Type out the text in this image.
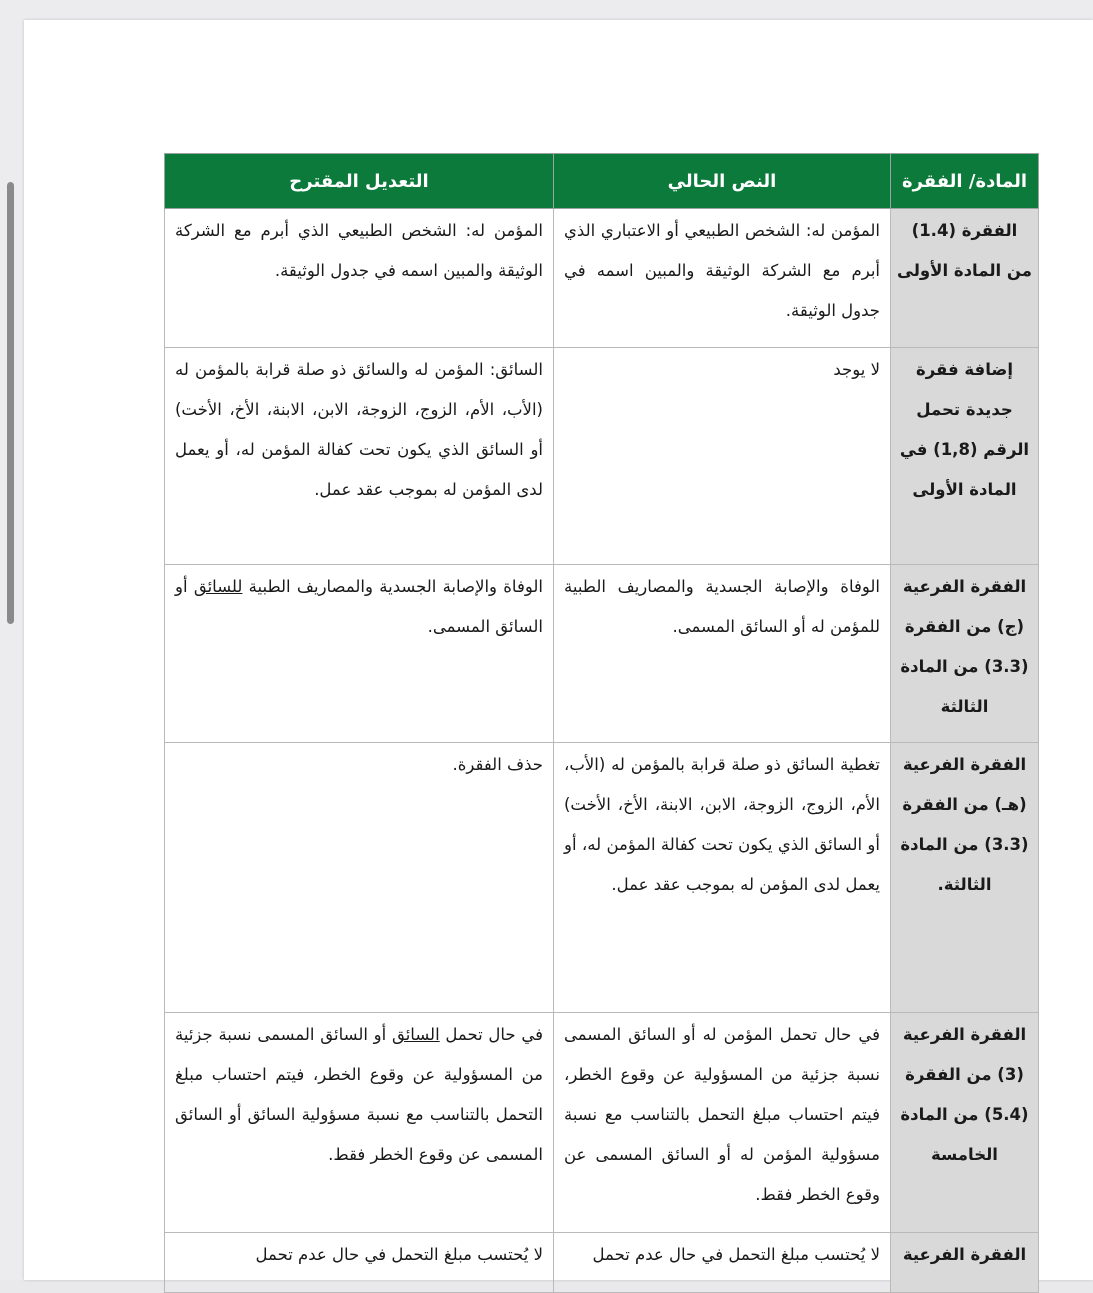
المادة/ الفقرة	النص الحالي	التعديل المقترح
الفقرة (1.4) من المادة الأولى	المؤمن له: الشخص الطبيعي أو الاعتباري الذي أبرم مع الشركة الوثيقة والمبين اسمه في جدول الوثيقة.	المؤمن له: الشخص الطبيعي الذي أبرم مع الشركة الوثيقة والمبين اسمه في جدول الوثيقة.
إضافة فقرة جديدة تحمل الرقم (1,8) في المادة الأولى	لا يوجد	السائق: المؤمن له والسائق ذو صلة قرابة بالمؤمن له (الأب، الأم، الزوج، الزوجة، الابن، الابنة، الأخ، الأخت) أو السائق الذي يكون تحت كفالة المؤمن له، أو يعمل لدى المؤمن له بموجب عقد عمل.
الفقرة الفرعية (ج) من الفقرة (3.3) من المادة الثالثة	الوفاة والإصابة الجسدية والمصاريف الطبية للمؤمن له أو السائق المسمى.	الوفاة والإصابة الجسدية والمصاريف الطبية للسائق أو السائق المسمى.
الفقرة الفرعية (هـ) من الفقرة (3.3) من المادة الثالثة.	تغطية السائق ذو صلة قرابة بالمؤمن له (الأب، الأم، الزوج، الزوجة، الابن، الابنة، الأخ، الأخت) أو السائق الذي يكون تحت كفالة المؤمن له، أو يعمل لدى المؤمن له بموجب عقد عمل.	حذف الفقرة.
الفقرة الفرعية (3) من الفقرة (5.4) من المادة الخامسة	في حال تحمل المؤمن له أو السائق المسمى نسبة جزئية من المسؤولية عن وقوع الخطر، فيتم احتساب مبلغ التحمل بالتناسب مع نسبة مسؤولية المؤمن له أو السائق المسمى عن وقوع الخطر فقط.	في حال تحمل السائق أو السائق المسمى نسبة جزئية من المسؤولية عن وقوع الخطر، فيتم احتساب مبلغ التحمل بالتناسب مع نسبة مسؤولية السائق أو السائق المسمى عن وقوع الخطر فقط.
الفقرة الفرعية	لا يُحتسب مبلغ التحمل في حال عدم تحمل	لا يُحتسب مبلغ التحمل في حال عدم تحمل
